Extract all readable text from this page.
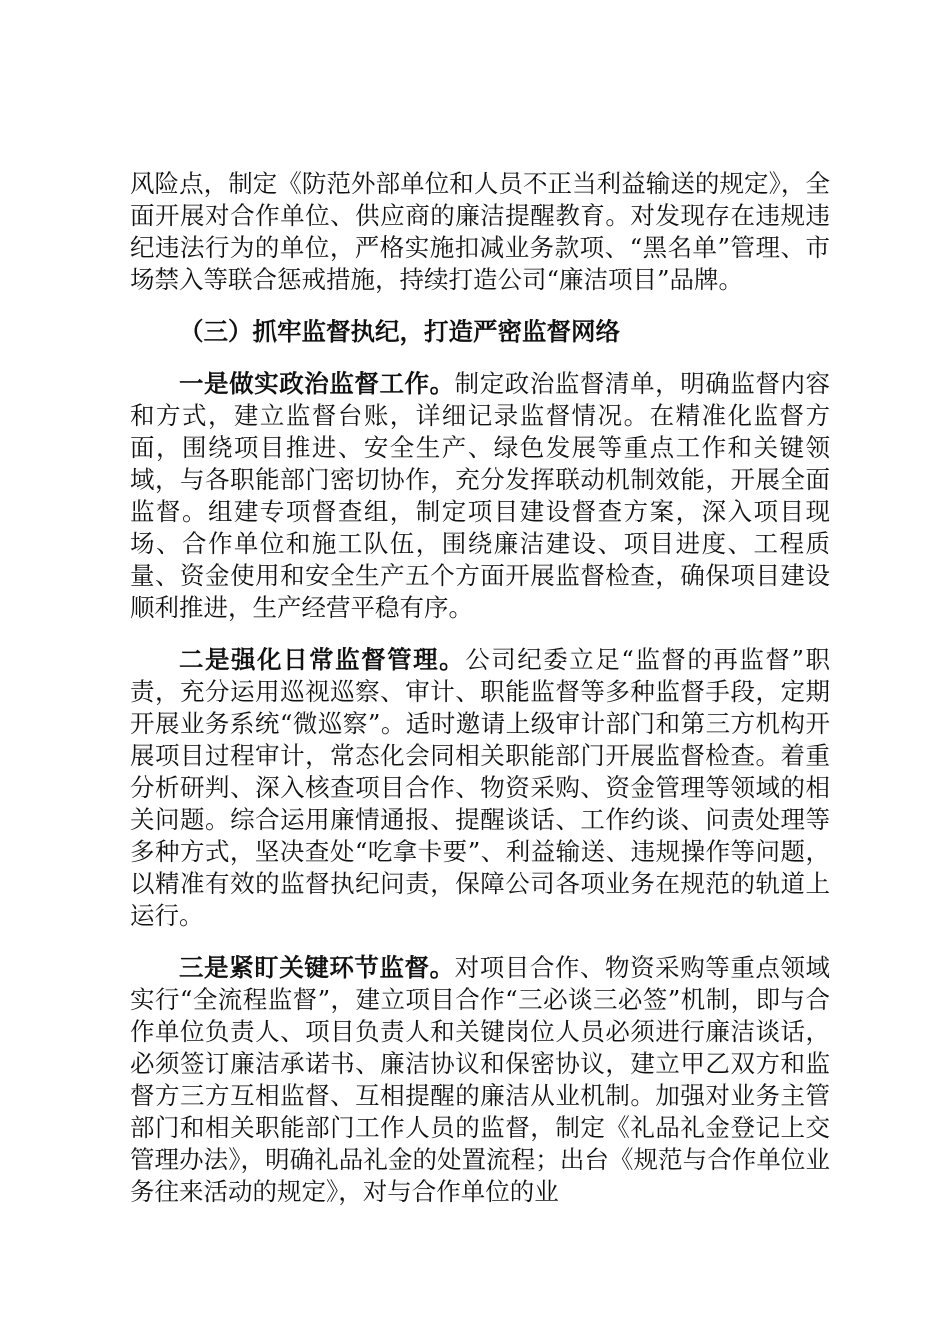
风险点，制定《防范外部单位和人员不正当利益输送的规定》，全面开展对合作单位、供应商的廉洁提醒教育。对发现存在违规违纪违法行为的单位，严格实施扣减业务款项、“黑名单”管理、市场禁入等联合惩戒措施，持续打造公司“廉洁项目”品牌。

（三）抓牢监督执纪，打造严密监督网络

一是做实政治监督工作。制定政治监督清单，明确监督内容和方式，建立监督台账，详细记录监督情况。在精准化监督方面，围绕项目推进、安全生产、绿色发展等重点工作和关键领域，与各职能部门密切协作，充分发挥联动机制效能，开展全面监督。组建专项督查组，制定项目建设督查方案，深入项目现场、合作单位和施工队伍，围绕廉洁建设、项目进度、工程质量、资金使用和安全生产五个方面开展监督检查，确保项目建设顺利推进，生产经营平稳有序。

二是强化日常监督管理。公司纪委立足“监督的再监督”职责，充分运用巡视巡察、审计、职能监督等多种监督手段，定期开展业务系统“微巡察”。适时邀请上级审计部门和第三方机构开展项目过程审计，常态化会同相关职能部门开展监督检查。着重分析研判、深入核查项目合作、物资采购、资金管理等领域的相关问题。综合运用廉情通报、提醒谈话、工作约谈、问责处理等多种方式，坚决查处“吃拿卡要”、利益输送、违规操作等问题，以精准有效的监督执纪问责，保障公司各项业务在规范的轨道上运行。

三是紧盯关键环节监督。对项目合作、物资采购等重点领域实行“全流程监督”，建立项目合作“三必谈三必签”机制，即与合作单位负责人、项目负责人和关键岗位人员必须进行廉洁谈话，必须签订廉洁承诺书、廉洁协议和保密协议，建立甲乙双方和监督方三方互相监督、互相提醒的廉洁从业机制。加强对业务主管部门和相关职能部门工作人员的监督，制定《礼品礼金登记上交管理办法》，明确礼品礼金的处置流程；出台《规范与合作单位业务往来活动的规定》，对与合作单位的业
